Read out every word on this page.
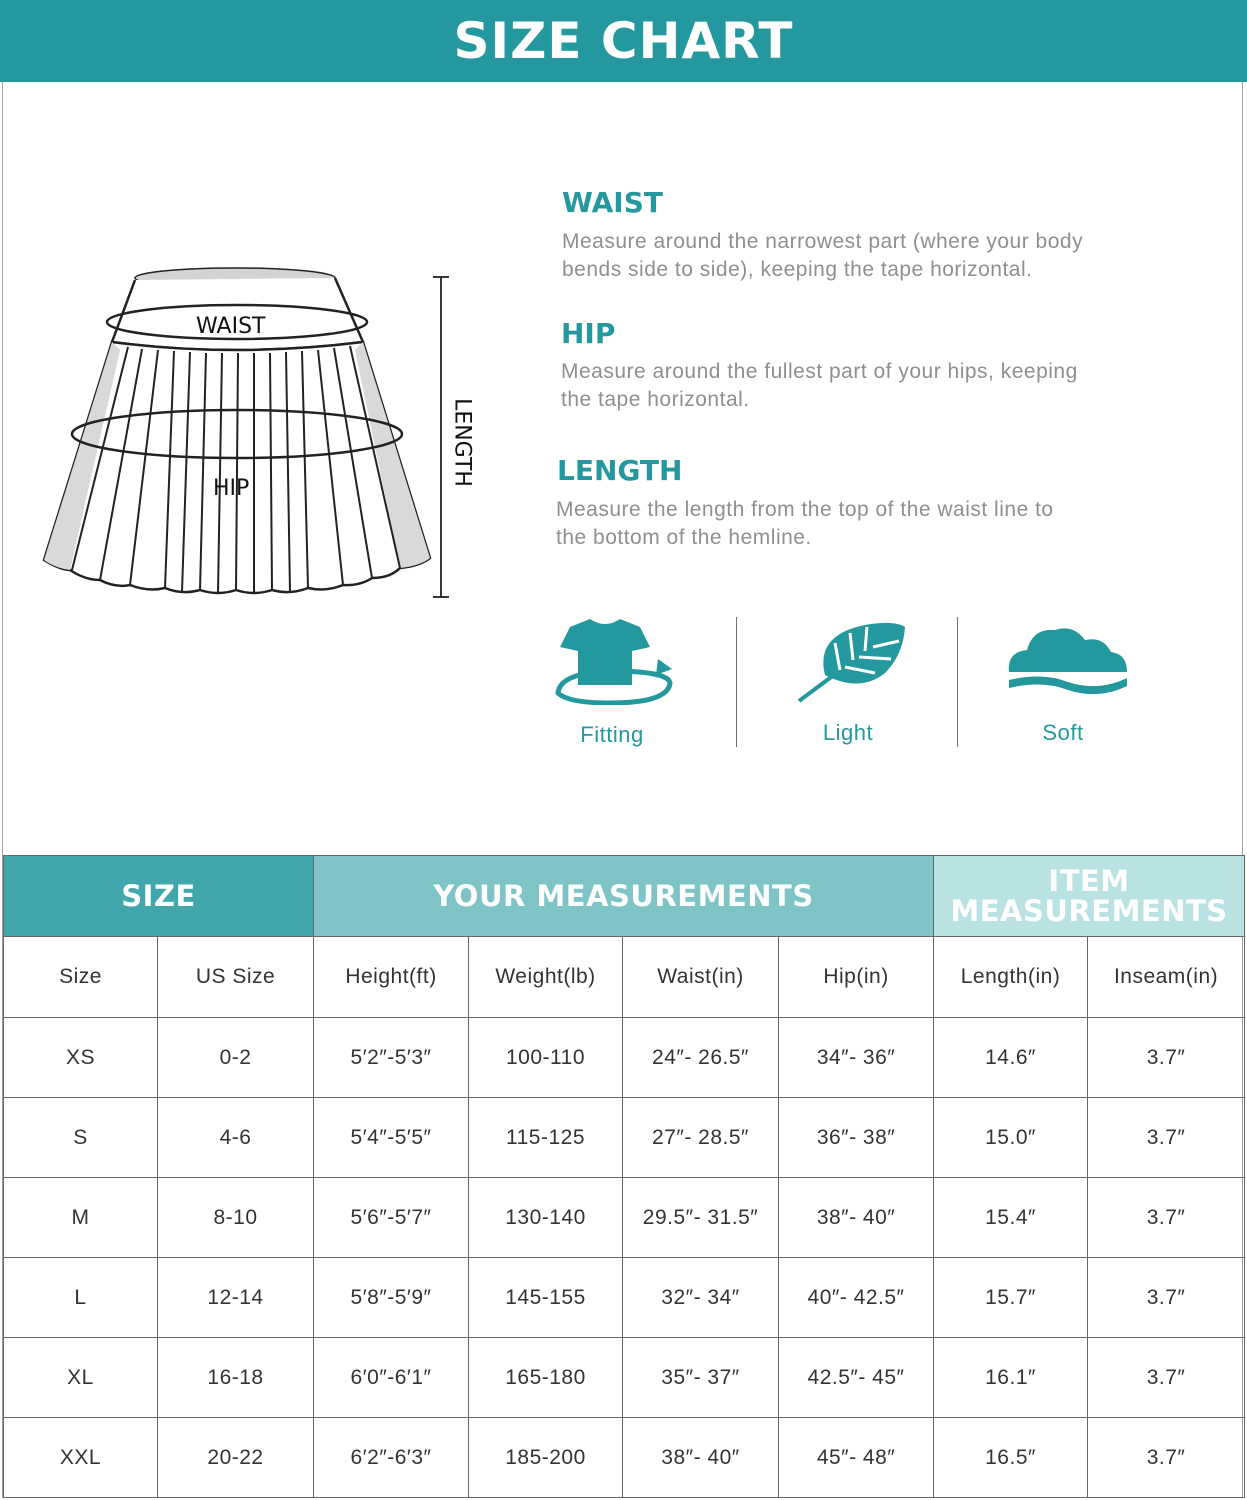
SIZE CHART
WAIST
HIP
LENGTH
WAIST
Measure around the narrowest part (where your body bends side to side), keeping the tape horizontal.
HIP
Measure around the fullest part of your hips, keeping the tape horizontal.
LENGTH
Measure the length from the top of the waist line to the bottom of the hemline.
Fitting	Light	Soft
SIZE		YOUR MEASUREMENTS				ITEM MEASUREMENTS	
Size	US Size	Height(ft)	Weight(lb)	Waist(in)	Hip(in)	Length(in)	Inseam(in)
XS	0-2	5′2″-5′3″	100-110	24″- 26.5″	34″- 36″	14.6″	3.7″
S	4-6	5′4″-5′5″	115-125	27″- 28.5″	36″- 38″	15.0″	3.7″
M	8-10	5′6″-5′7″	130-140	29.5″- 31.5″	38″- 40″	15.4″	3.7″
L	12-14	5′8″-5′9″	145-155	32″- 34″	40″- 42.5″	15.7″	3.7″
XL	16-18	6′0″-6′1″	165-180	35″- 37″	42.5″- 45″	16.1″	3.7″
XXL	20-22	6′2″-6′3″	185-200	38″- 40″	45″- 48″	16.5″	3.7″
